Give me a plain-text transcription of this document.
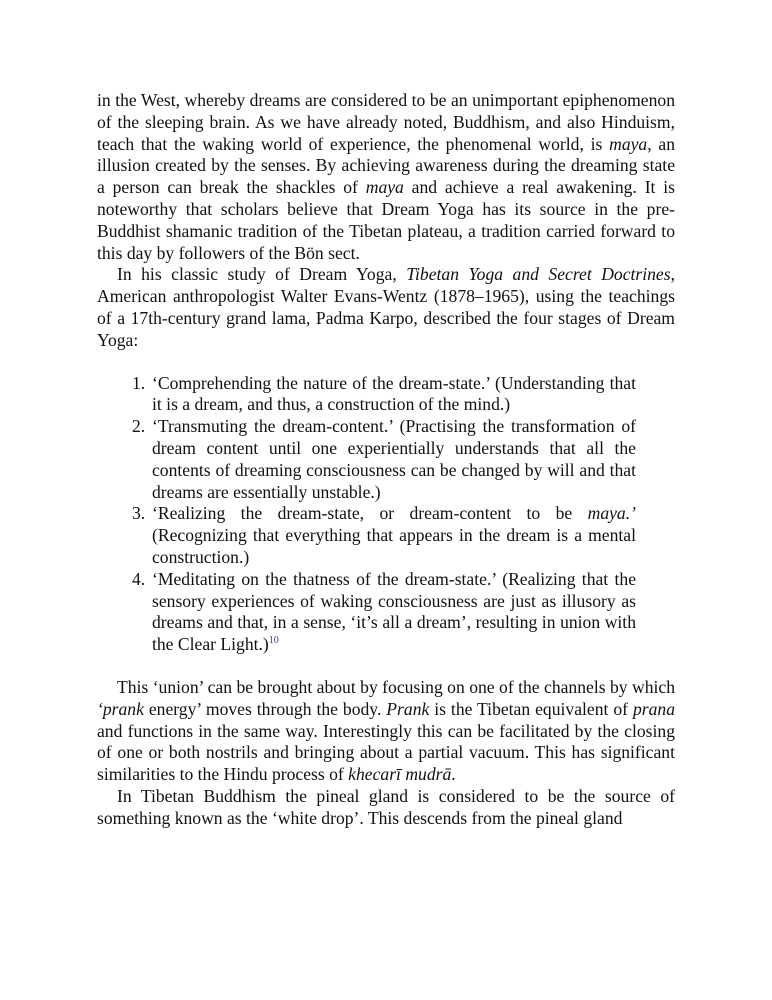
in the West, whereby dreams are considered to be an unimportant epiphenomenon of the sleeping brain. As we have already noted, Buddhism, and also Hinduism, teach that the waking world of experience, the phenomenal world, is maya, an illusion created by the senses. By achieving awareness during the dreaming state a person can break the shackles of maya and achieve a real awakening. It is noteworthy that scholars believe that Dream Yoga has its source in the pre-Buddhist shamanic tradition of the Tibetan plateau, a tradition carried forward to this day by followers of the Bön sect.

In his classic study of Dream Yoga, Tibetan Yoga and Secret Doctrines, American anthropologist Walter Evans-Wentz (1878–1965), using the teachings of a 17th-century grand lama, Padma Karpo, described the four stages of Dream Yoga:

1. ‘Comprehending the nature of the dream-state.’ (Understanding that it is a dream, and thus, a construction of the mind.)
2. ‘Transmuting the dream-content.’ (Practising the transformation of dream content until one experientially understands that all the contents of dreaming consciousness can be changed by will and that dreams are essentially unstable.)
3. ‘Realizing the dream-state, or dream-content to be maya.’ (Recognizing that everything that appears in the dream is a mental construction.)
4. ‘Meditating on the thatness of the dream-state.’ (Realizing that the sensory experiences of waking consciousness are just as illusory as dreams and that, in a sense, ‘it’s all a dream’, resulting in union with the Clear Light.)$^{10}$

This ‘union’ can be brought about by focusing on one of the channels by which ‘prank energy’ moves through the body. Prank is the Tibetan equivalent of prana and functions in the same way. Interestingly this can be facilitated by the closing of one or both nostrils and bringing about a partial vacuum. This has significant similarities to the Hindu process of khecarī mudrā.

In Tibetan Buddhism the pineal gland is considered to be the source of something known as the ‘white drop’. This descends from the pineal gland
